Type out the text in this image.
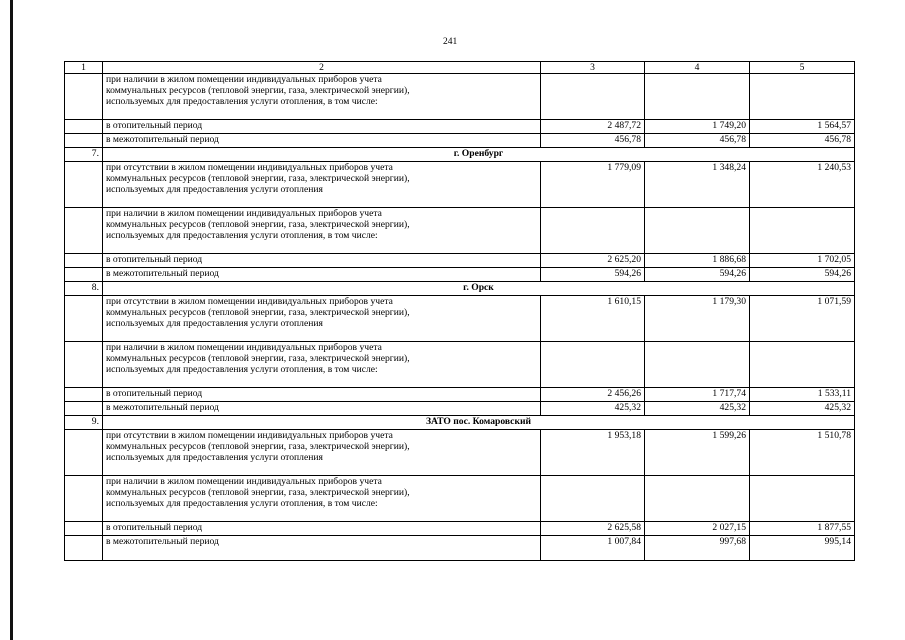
241
1	2	3	4	5

	при наличии в жилом помещении индивидуальных приборов учета
коммунальных ресурсов (тепловой энергии, газа, электрической энергии),
используемых для предоставления услуги отопления, в том числе:			

	в отопительный период	2 487,72	1 749,20	1 564,57
	в межотопительный период	456,78	456,78	456,78
7.	г. Оренбург			

	при отсутствии в жилом помещении индивидуальных приборов учета
коммунальных ресурсов (тепловой энергии, газа, электрической энергии),
используемых для предоставления услуги отопления	1 779,09	1 348,24	1 240,53

	при наличии в жилом помещении индивидуальных приборов учета
коммунальных ресурсов (тепловой энергии, газа, электрической энергии),
используемых для предоставления услуги отопления, в том числе:			

	в отопительный период	2 625,20	1 886,68	1 702,05
	в межотопительный период	594,26	594,26	594,26
8.	г. Орск			

	при отсутствии в жилом помещении индивидуальных приборов учета
коммунальных ресурсов (тепловой энергии, газа, электрической энергии),
используемых для предоставления услуги отопления	1 610,15	1 179,30	1 071,59

	при наличии в жилом помещении индивидуальных приборов учета
коммунальных ресурсов (тепловой энергии, газа, электрической энергии),
используемых для предоставления услуги отопления, в том числе:			

	в отопительный период	2 456,26	1 717,74	1 533,11
	в межотопительный период	425,32	425,32	425,32
9.	ЗАТО пос. Комаровский			

	при отсутствии в жилом помещении индивидуальных приборов учета
коммунальных ресурсов (тепловой энергии, газа, электрической энергии),
используемых для предоставления услуги отопления	1 953,18	1 599,26	1 510,78

	при наличии в жилом помещении индивидуальных приборов учета
коммунальных ресурсов (тепловой энергии, газа, электрической энергии),
используемых для предоставления услуги отопления, в том числе:			

	в отопительный период	2 625,58	2 027,15	1 877,55
	в межотопительный период	1 007,84	997,68	995,14
